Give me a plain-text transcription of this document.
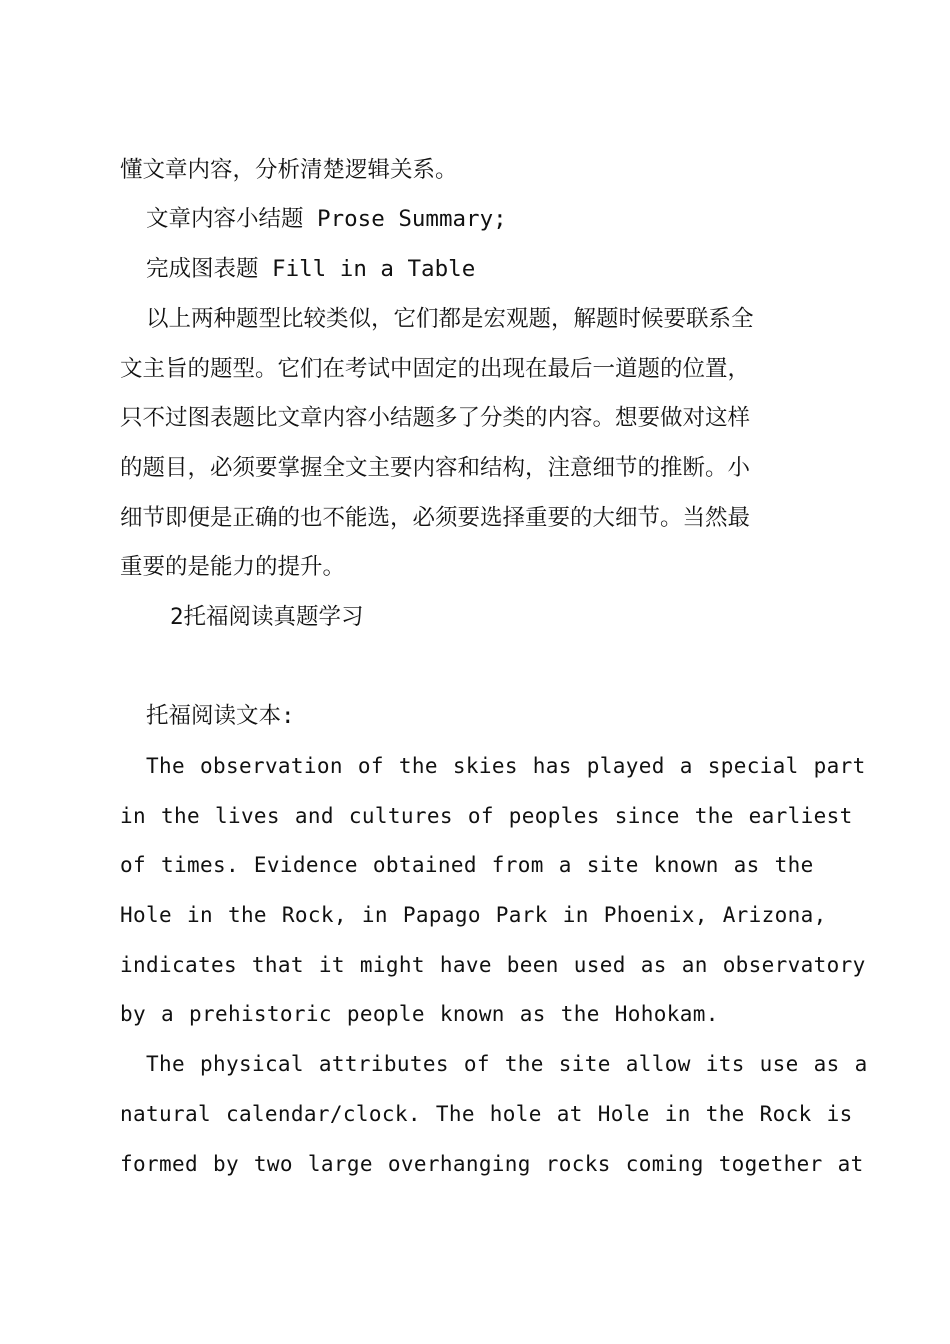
懂文章内容，分析清楚逻辑关系。
文章内容小结题 Prose Summary;
完成图表题 Fill in a Table
以上两种题型比较类似，它们都是宏观题，解题时候要联系全
文主旨的题型。它们在考试中固定的出现在最后一道题的位置，
只不过图表题比文章内容小结题多了分类的内容。想要做对这样
的题目，必须要掌握全文主要内容和结构，注意细节的推断。小
细节即便是正确的也不能选，必须要选择重要的大细节。当然最
重要的是能力的提升。
2托福阅读真题学习
托福阅读文本:
The observation of the skies has played a special part
in the lives and cultures of peoples since the earliest
of times. Evidence obtained from a site known as the
Hole in the Rock, in Papago Park in Phoenix, Arizona,
indicates that it might have been used as an observatory
by a prehistoric people known as the Hohokam.
The physical attributes of the site allow its use as a
natural calendar/clock. The hole at Hole in the Rock is
formed by two large overhanging rocks coming together at
